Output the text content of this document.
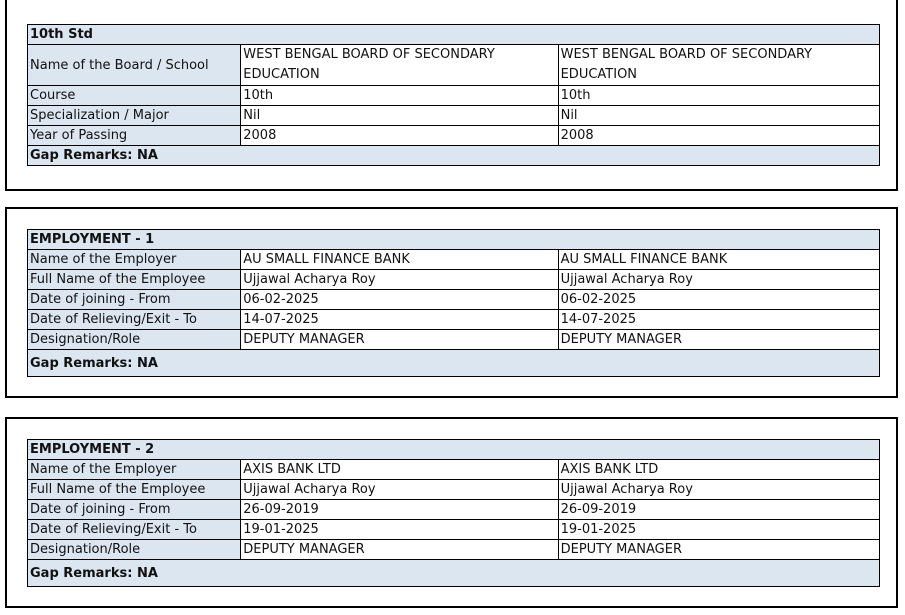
10th Std		
Name of the Board / School	WEST BENGAL BOARD OF SECONDARY EDUCATION	WEST BENGAL BOARD OF SECONDARY EDUCATION
Course	10th	10th
Specialization / Major	Nil	Nil
Year of Passing	2008	2008
Gap Remarks: NA		
EMPLOYMENT - 1		
Name of the Employer	AU SMALL FINANCE BANK	AU SMALL FINANCE BANK
Full Name of the Employee	Ujjawal Acharya Roy	Ujjawal Acharya Roy
Date of joining - From	06-02-2025	06-02-2025
Date of Relieving/Exit - To	14-07-2025	14-07-2025
Designation/Role	DEPUTY MANAGER	DEPUTY MANAGER
Gap Remarks: NA		
EMPLOYMENT - 2		
Name of the Employer	AXIS BANK LTD	AXIS BANK LTD
Full Name of the Employee	Ujjawal Acharya Roy	Ujjawal Acharya Roy
Date of joining - From	26-09-2019	26-09-2019
Date of Relieving/Exit - To	19-01-2025	19-01-2025
Designation/Role	DEPUTY MANAGER	DEPUTY MANAGER
Gap Remarks: NA		
